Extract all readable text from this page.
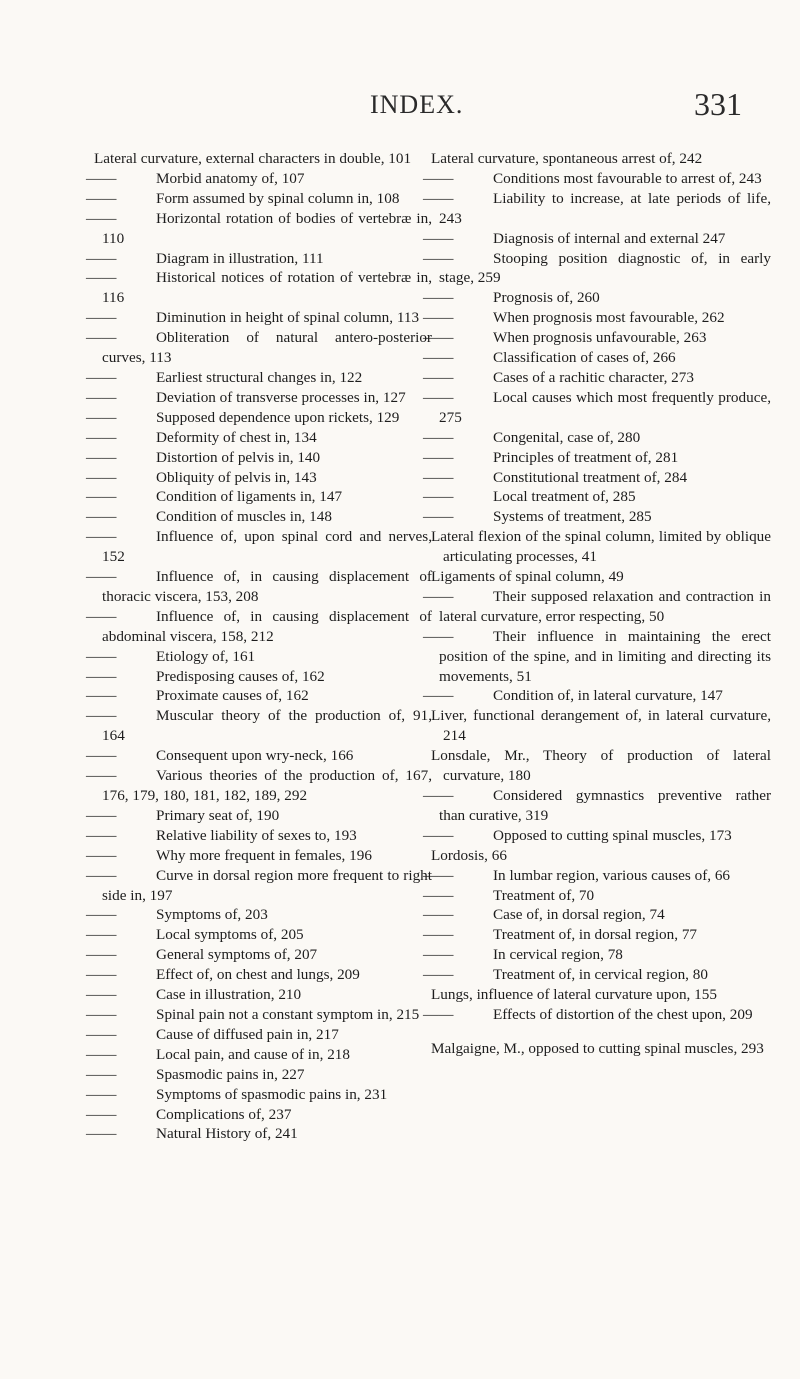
INDEX.	331

Lateral curvature, external characters in double, 101

——	Morbid anatomy of, 107

——	Form assumed by spinal column in, 108

——	Horizontal rotation of bodies of vertebræ in, 110

——	Diagram in illustration, 111

——	Historical notices of rotation of vertebræ in, 116

——	Diminution in height of spinal column, 113

——	Obliteration of natural antero-posterior curves, 113

——	Earliest structural changes in, 122

——	Deviation of transverse processes in, 127

——	Supposed dependence upon rickets, 129

——	Deformity of chest in, 134

——	Distortion of pelvis in, 140

——	Obliquity of pelvis in, 143

——	Condition of ligaments in, 147

——	Condition of muscles in, 148

——	Influence of, upon spinal cord and nerves, 152

——	Influence of, in causing displacement of thoracic viscera, 153, 208

——	Influence of, in causing displacement of abdominal viscera, 158, 212

——	Etiology of, 161

——	Predisposing causes of, 162

——	Proximate causes of, 162

——	Muscular theory of the production of, 91, 164

——	Consequent upon wry-neck, 166

——	Various theories of the production of, 167, 176, 179, 180, 181, 182, 189, 292

——	Primary seat of, 190

——	Relative liability of sexes to, 193

——	Why more frequent in females, 196

——	Curve in dorsal region more frequent to right side in, 197

——	Symptoms of, 203

——	Local symptoms of, 205

——	General symptoms of, 207

——	Effect of, on chest and lungs, 209

——	Case in illustration, 210

——	Spinal pain not a constant symptom in, 215

——	Cause of diffused pain in, 217

——	Local pain, and cause of in, 218

——	Spasmodic pains in, 227

——	Symptoms of spasmodic pains in, 231

——	Complications of, 237

——	Natural History of, 241

Lateral curvature, spontaneous arrest of, 242

——	Conditions most favourable to arrest of, 243

——	Liability to increase, at late periods of life, 243

——	Diagnosis of internal and external 247

——	Stooping position diagnostic of, in early stage, 259

——	Prognosis of, 260

——	When prognosis most favourable, 262

——	When prognosis unfavourable, 263

——	Classification of cases of, 266

——	Cases of a rachitic character, 273

——	Local causes which most frequently produce, 275

——	Congenital, case of, 280

——	Principles of treatment of, 281

——	Constitutional treatment of, 284

——	Local treatment of, 285

——	Systems of treatment, 285

Lateral flexion of the spinal column, limited by oblique articulating processes, 41

Ligaments of spinal column, 49

——	Their supposed relaxation and contraction in lateral curvature, error respecting, 50

——	Their influence in maintaining the erect position of the spine, and in limiting and directing its movements, 51

——	Condition of, in lateral curvature, 147

Liver, functional derangement of, in lateral curvature, 214

Lonsdale, Mr., Theory of production of lateral curvature, 180

——	Considered gymnastics preventive rather than curative, 319

——	Opposed to cutting spinal muscles, 173

Lordosis, 66

——	In lumbar region, various causes of, 66

——	Treatment of, 70

——	Case of, in dorsal region, 74

——	Treatment of, in dorsal region, 77

——	In cervical region, 78

——	Treatment of, in cervical region, 80

Lungs, influence of lateral curvature upon, 155

——	Effects of distortion of the chest upon, 209

Malgaigne, M., opposed to cutting spinal muscles, 293
